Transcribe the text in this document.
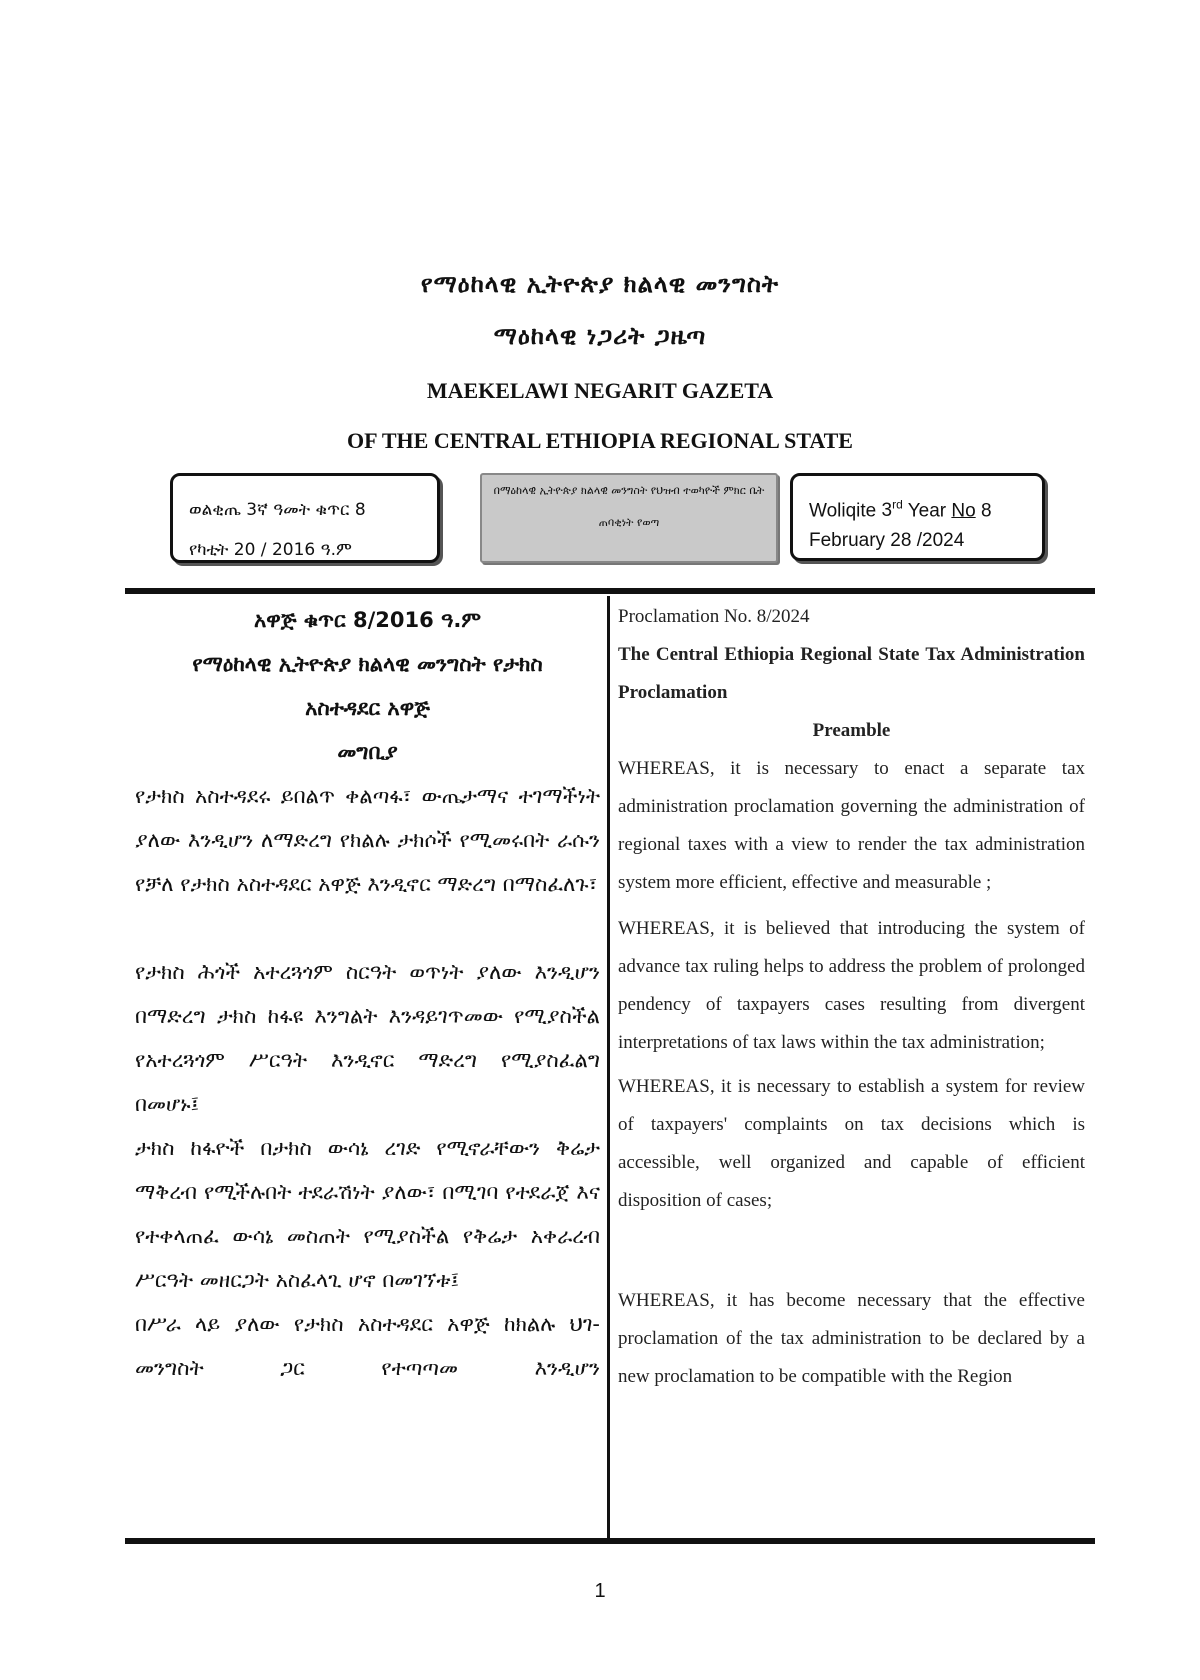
የማዕከላዊ ኢትዮጵያ ክልላዊ መንግስት
ማዕከላዊ ነጋሪት ጋዜጣ
MAEKELAWI NEGARIT GAZETA
OF THE CENTRAL ETHIOPIA REGIONAL STATE
ወልቂጤ 3ኛ ዓመት ቁጥር 8
የካቲት 20 / 2016 ዓ.ም
በማዕከላዊ ኢትዮጵያ ክልላዊ መንግስት የህዝብ ተወካዮች ምክር ቤት
ጠባቂነት የወጣ
Woliqite 3rd Year No 8
February 28 /2024
አዋጅ ቁጥር 8/2016 ዓ.ም
የማዕከላዊ ኢትዮጵያ ክልላዊ መንግስት የታክስ
አስተዳደር አዋጅ
መግቢያ

የታክስ አስተዳደሩ ይበልጥ ቀልጣፋ፣ ውጤታማና ተገማችነት ያለው እንዲሆን ለማድረግ የክልሉ ታክሶች የሚመሩበት ራሱን የቻለ የታክስ አስተዳደር አዋጅ እንዲኖር ማድረግ በማስፈለጉ፣

የታክስ ሕጎች አተረጓጎም ስርዓት ወጥነት ያለው እንዲሆን በማድረግ ታክስ ከፋዩ እንግልት እንዳይገጥመው የሚያስችል የአተረጓጎም ሥርዓት እንዲኖር ማድረግ የሚያስፈልግ በመሆኑ፤

ታክስ ከፋዮች በታክስ ውሳኔ ረገድ የሚኖራቸውን ቅሬታ ማቅረብ የሚችሉበት ተደራሽነት ያለው፣ በሚገባ የተደራጀ እና የተቀላጠፈ ውሳኔ መስጠት የሚያስችል የቅሬታ አቀራረብ ሥርዓት መዘርጋት አስፈላጊ ሆኖ በመገኘቱ፤

በሥራ ላይ ያለው የታክስ አስተዳደር አዋጅ ከክልሉ ህገ-መንግስት ጋር የተጣጣመ እንዲሆን

Proclamation No. 8/2024

The Central Ethiopia Regional State Tax Administration Proclamation

Preamble

WHEREAS, it is necessary to enact a separate tax administration proclamation governing the administration of regional taxes with a view to render the tax administration system more efficient, effective and measurable ;

WHEREAS, it is believed that introducing the system of advance tax ruling helps to address the problem of prolonged pendency of taxpayers cases resulting from divergent interpretations of tax laws within the tax administration;

WHEREAS, it is necessary to establish a system for review of taxpayers' complaints on tax decisions which is accessible, well organized and capable of efficient disposition of cases;

WHEREAS, it has become necessary that the effective proclamation of the tax administration to be declared by a new proclamation to be compatible with the Region

1
